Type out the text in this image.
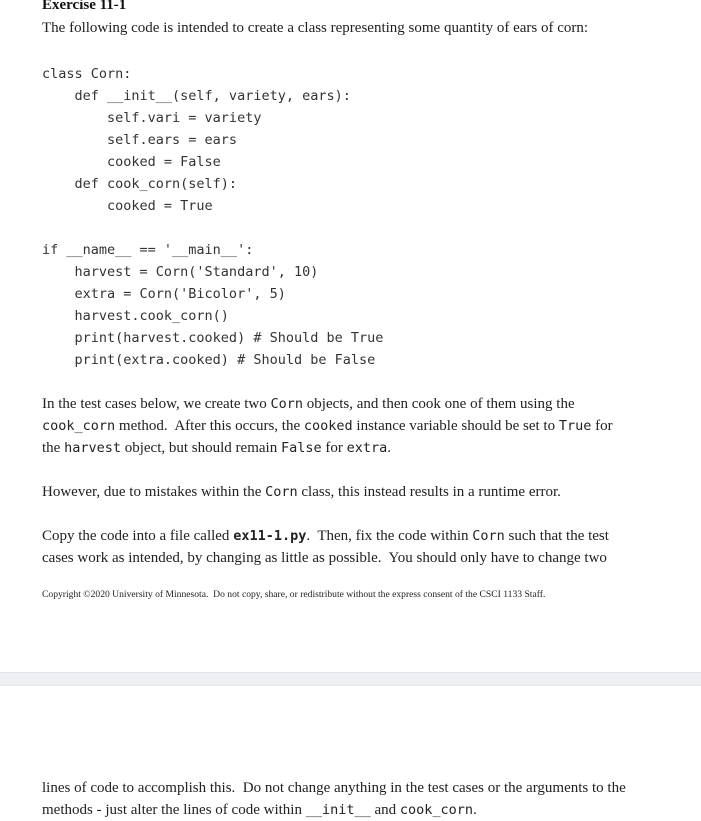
Exercise 11-1
The following code is intended to create a class representing some quantity of ears of corn:
class Corn:
def __init__(self, variety, ears):
self.vari = variety
self.ears = ears
cooked = False
def cook_corn(self):
cooked = True
if __name__ == '__main__':
harvest = Corn('Standard', 10)
extra = Corn('Bicolor', 5)
harvest.cook_corn()
print(harvest.cooked) # Should be True
print(extra.cooked) # Should be False
In the test cases below, we create two Corn objects, and then cook one of them using the
cook_corn method.  After this occurs, the cooked instance variable should be set to True for
the harvest object, but should remain False for extra.
However, due to mistakes within the Corn class, this instead results in a runtime error.
Copy the code into a file called ex11-1.py.  Then, fix the code within Corn such that the test
cases work as intended, by changing as little as possible.  You should only have to change two
Copyright ©2020 University of Minnesota.  Do not copy, share, or redistribute without the express consent of the CSCI 1133 Staff.
lines of code to accomplish this.  Do not change anything in the test cases or the arguments to the
methods - just alter the lines of code within __init__ and cook_corn.
